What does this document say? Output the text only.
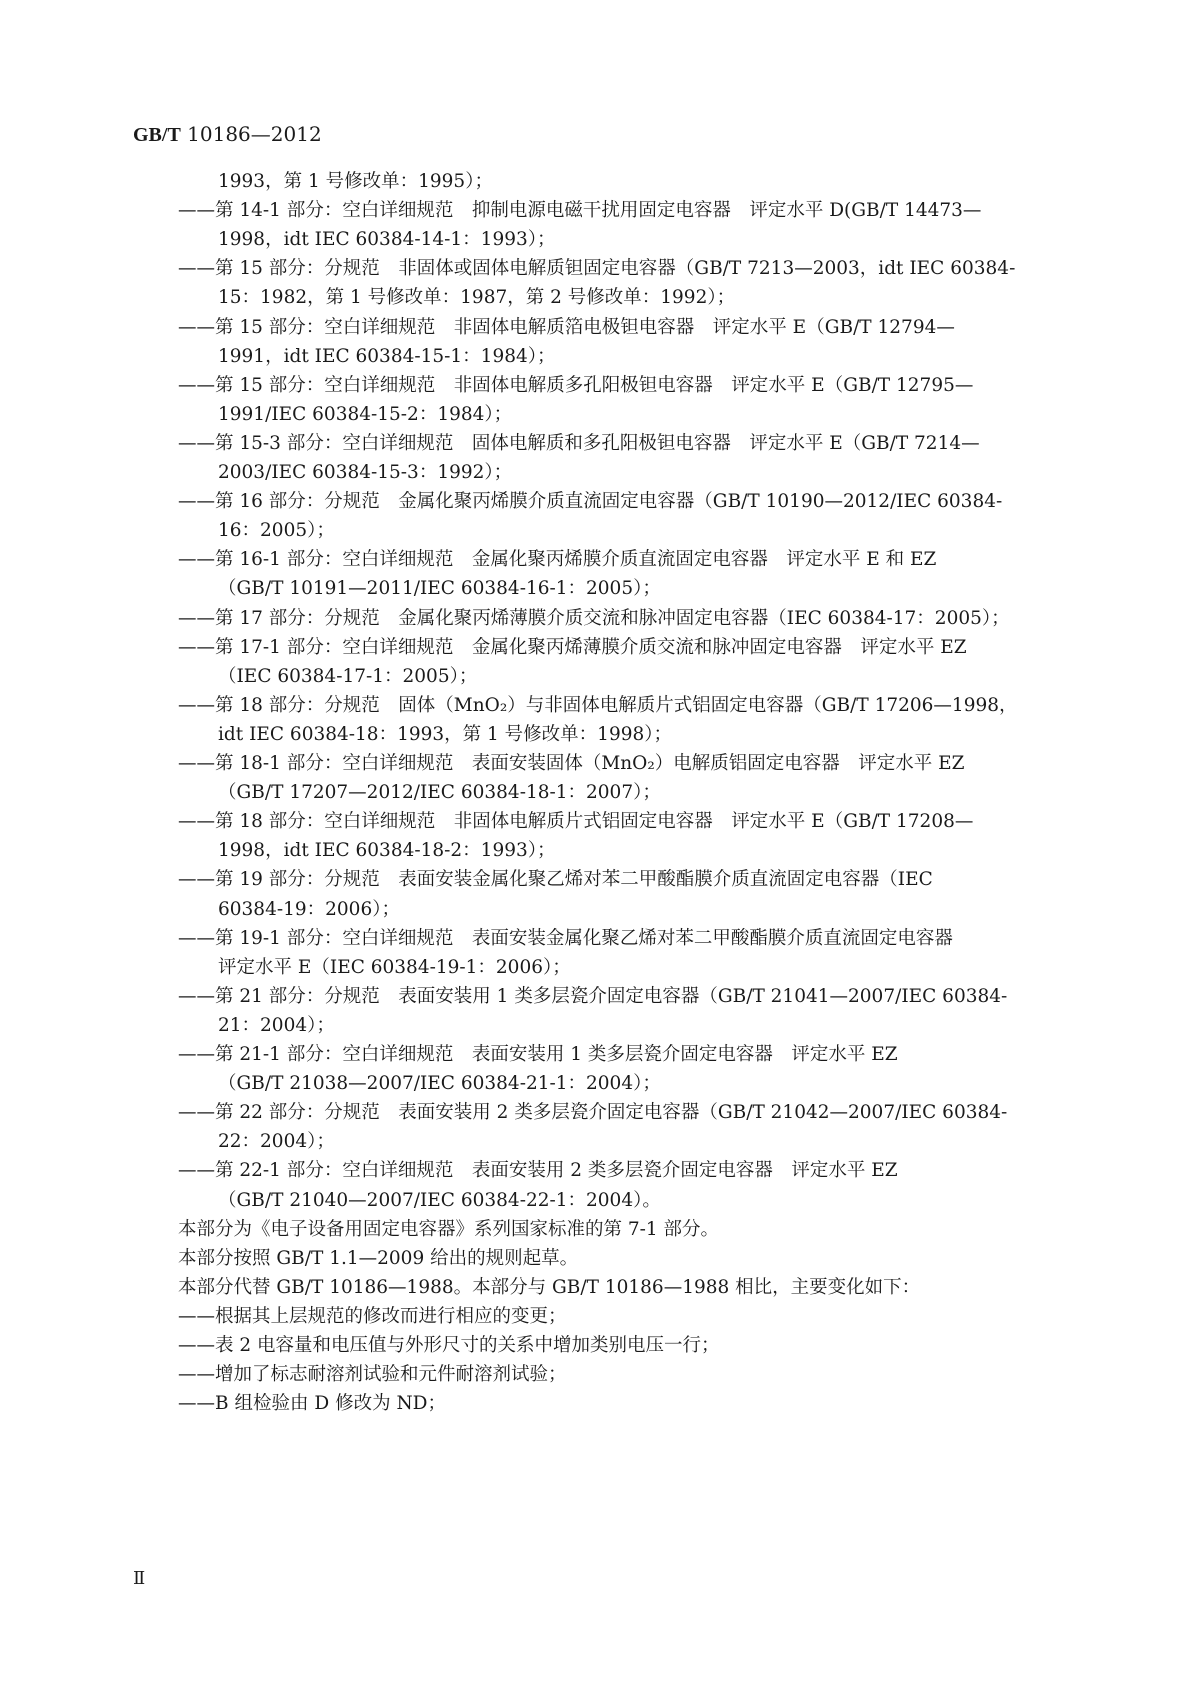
GB/T 10186—2012
1993，第 1 号修改单：1995）；
——第 14-1 部分：空白详细规范　抑制电源电磁干扰用固定电容器　评定水平 D(GB/T 14473—
1998，idt IEC 60384-14-1：1993）；
——第 15 部分：分规范　非固体或固体电解质钽固定电容器（GB/T 7213—2003，idt IEC 60384-
15：1982，第 1 号修改单：1987，第 2 号修改单：1992）；
——第 15 部分：空白详细规范　非固体电解质箔电极钽电容器　评定水平 E（GB/T 12794—
1991，idt IEC 60384-15-1：1984）；
——第 15 部分：空白详细规范　非固体电解质多孔阳极钽电容器　评定水平 E（GB/T 12795—
1991/IEC 60384-15-2：1984）；
——第 15-3 部分：空白详细规范　固体电解质和多孔阳极钽电容器　评定水平 E（GB/T 7214—
2003/IEC 60384-15-3：1992）；
——第 16 部分：分规范　金属化聚丙烯膜介质直流固定电容器（GB/T 10190—2012/IEC 60384-
16：2005）；
——第 16-1 部分：空白详细规范　金属化聚丙烯膜介质直流固定电容器　评定水平 E 和 EZ
（GB/T 10191—2011/IEC 60384-16-1：2005）；
——第 17 部分：分规范　金属化聚丙烯薄膜介质交流和脉冲固定电容器（IEC 60384-17：2005）；
——第 17-1 部分：空白详细规范　金属化聚丙烯薄膜介质交流和脉冲固定电容器　评定水平 EZ
（IEC 60384-17-1：2005）；
——第 18 部分：分规范　固体（MnO₂）与非固体电解质片式铝固定电容器（GB/T 17206—1998，
idt IEC 60384-18：1993，第 1 号修改单：1998）；
——第 18-1 部分：空白详细规范　表面安装固体（MnO₂）电解质铝固定电容器　评定水平 EZ
（GB/T 17207—2012/IEC 60384-18-1：2007）；
——第 18 部分：空白详细规范　非固体电解质片式铝固定电容器　评定水平 E（GB/T 17208—
1998，idt IEC 60384-18-2：1993）；
——第 19 部分：分规范　表面安装金属化聚乙烯对苯二甲酸酯膜介质直流固定电容器（IEC
60384-19：2006）；
——第 19-1 部分：空白详细规范　表面安装金属化聚乙烯对苯二甲酸酯膜介质直流固定电容器
评定水平 E（IEC 60384-19-1：2006）；
——第 21 部分：分规范　表面安装用 1 类多层瓷介固定电容器（GB/T 21041—2007/IEC 60384-
21：2004）；
——第 21-1 部分：空白详细规范　表面安装用 1 类多层瓷介固定电容器　评定水平 EZ
（GB/T 21038—2007/IEC 60384-21-1：2004）；
——第 22 部分：分规范　表面安装用 2 类多层瓷介固定电容器（GB/T 21042—2007/IEC 60384-
22：2004）；
——第 22-1 部分：空白详细规范　表面安装用 2 类多层瓷介固定电容器　评定水平 EZ
（GB/T 21040—2007/IEC 60384-22-1：2004）。
本部分为《电子设备用固定电容器》系列国家标准的第 7-1 部分。
本部分按照 GB/T 1.1—2009 给出的规则起草。
本部分代替 GB/T 10186—1988。本部分与 GB/T 10186—1988 相比，主要变化如下：
——根据其上层规范的修改而进行相应的变更；
——表 2 电容量和电压值与外形尺寸的关系中增加类别电压一行；
——增加了标志耐溶剂试验和元件耐溶剂试验；
——B 组检验由 D 修改为 ND；
Ⅱ
